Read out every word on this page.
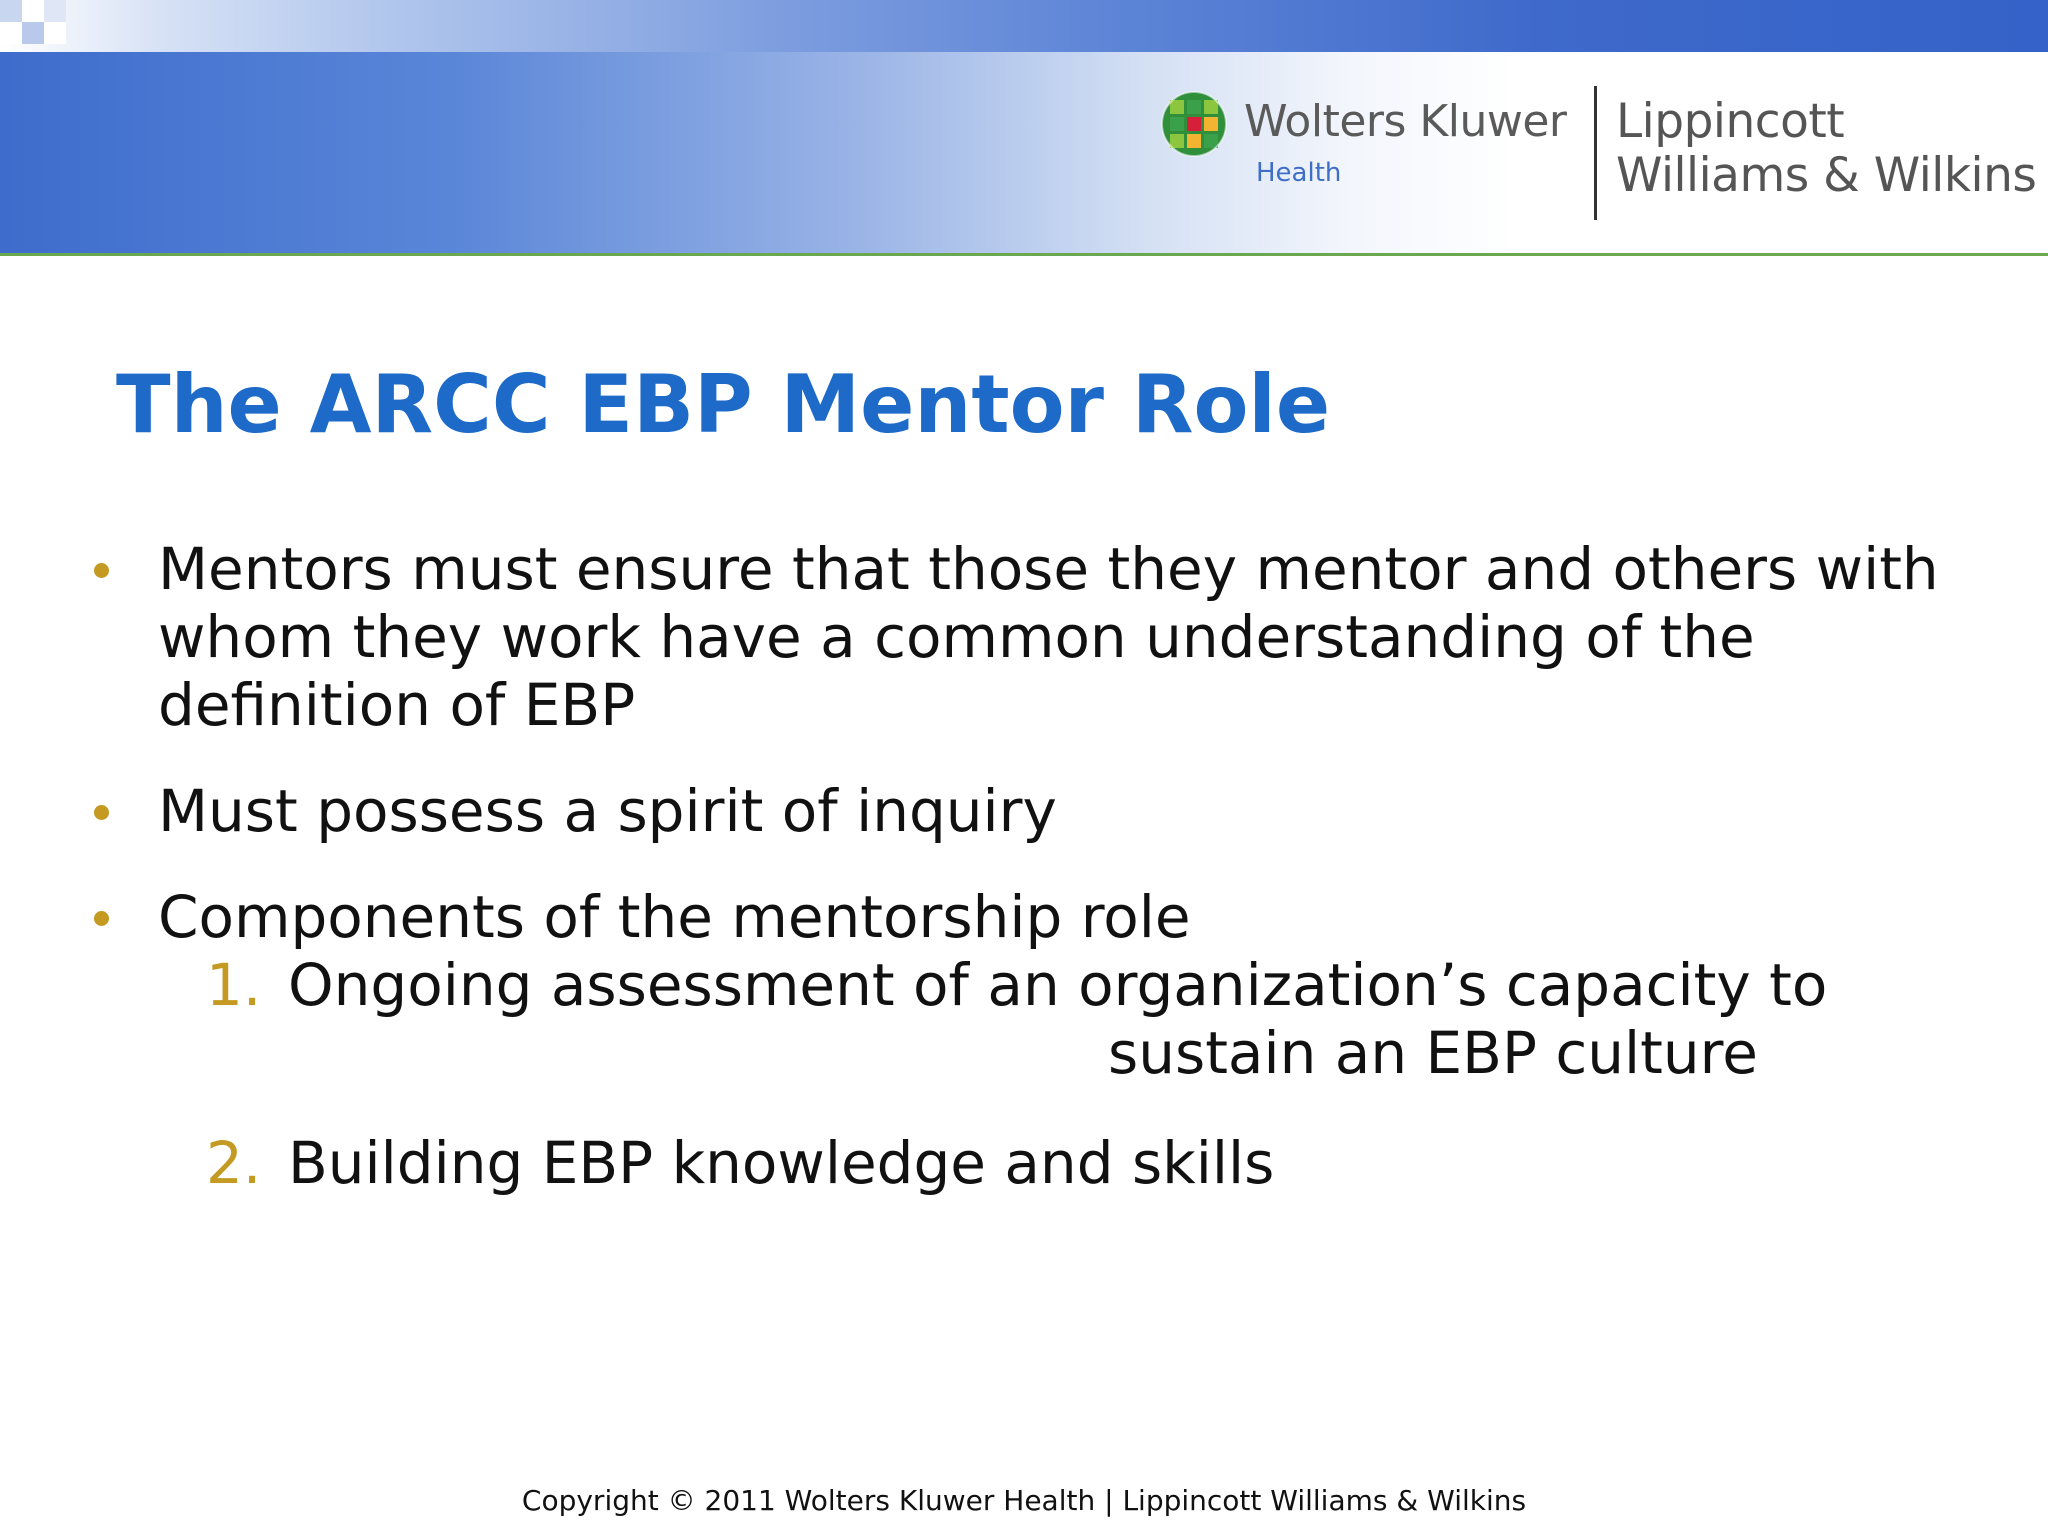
Wolters Kluwer
Health
Lippincott
Williams & Wilkins
The ARCC EBP Mentor Role
Mentors must ensure that those they mentor and others with whom they work have a common understanding of the definition of EBP
Must possess a spirit of inquiry
Components of the mentorship role
1. Ongoing assessment of an organization’s capacity to
sustain an EBP culture
2. Building EBP knowledge and skills
Copyright © 2011 Wolters Kluwer Health | Lippincott Williams & Wilkins
